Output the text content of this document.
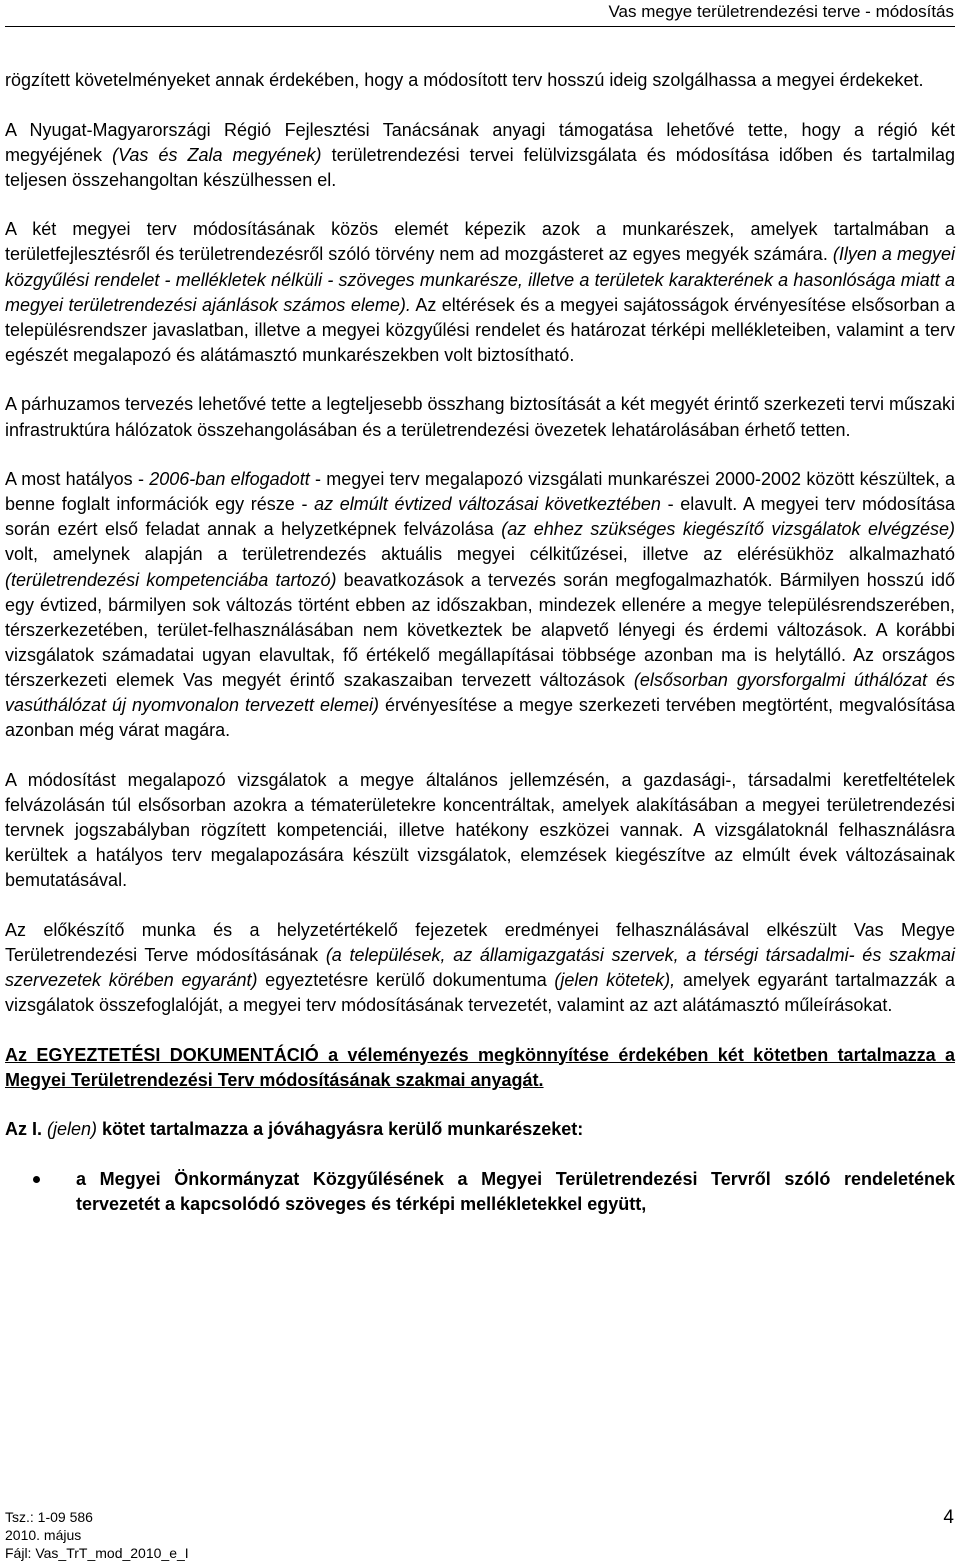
Vas megye területrendezési terve - módosítás

rögzített követelményeket annak érdekében, hogy a módosított terv hosszú ideig szolgálhassa a megyei érdekeket.

A Nyugat-Magyarországi Régió Fejlesztési Tanácsának anyagi támogatása lehetővé tette, hogy a régió két megyéjének (Vas és Zala megyének) területrendezési tervei felülvizsgálata és módosítása időben és tartalmilag teljesen összehangoltan készülhessen el.

A két megyei terv módosításának közös elemét képezik azok a munkarészek, amelyek tartalmában a területfejlesztésről és területrendezésről szóló törvény nem ad mozgásteret az egyes megyék számára. (Ilyen a megyei közgyűlési rendelet - mellékletek nélküli - szöveges munkarésze, illetve a területek karakterének a hasonlósága miatt a megyei területrendezési ajánlások számos eleme). Az eltérések és a megyei sajátosságok érvényesítése elsősorban a településrendszer javaslatban, illetve a megyei közgyűlési rendelet és határozat térképi mellékleteiben, valamint a terv egészét megalapozó és alátámasztó munkarészekben volt biztosítható.

A párhuzamos tervezés lehetővé tette a legteljesebb összhang biztosítását a két megyét érintő szerkezeti tervi műszaki infrastruktúra hálózatok összehangolásában és a területrendezési övezetek lehatárolásában érhető tetten.

A most hatályos - 2006-ban elfogadott - megyei terv megalapozó vizsgálati munkarészei 2000-2002 között készültek, a benne foglalt információk egy része - az elmúlt évtized változásai következtében - elavult. A megyei terv módosítása során ezért első feladat annak a helyzetképnek felvázolása (az ehhez szükséges kiegészítő vizsgálatok elvégzése) volt, amelynek alapján a területrendezés aktuális megyei célkitűzései, illetve az elérésükhöz alkalmazható (területrendezési kompetenciába tartozó) beavatkozások a tervezés során megfogalmazhatók. Bármilyen hosszú idő egy évtized, bármilyen sok változás történt ebben az időszakban, mindezek ellenére a megye településrendszerében, térszerkezetében, terület-felhasználásában nem következtek be alapvető lényegi és érdemi változások. A korábbi vizsgálatok számadatai ugyan elavultak, fő értékelő megállapításai többsége azonban ma is helytálló. Az országos térszerkezeti elemek Vas megyét érintő szakaszaiban tervezett változások (elsősorban gyorsforgalmi úthálózat és vasúthálózat új nyomvonalon tervezett elemei) érvényesítése a megye szerkezeti tervében megtörtént, megvalósítása azonban még várat magára.

A módosítást megalapozó vizsgálatok a megye általános jellemzésén, a gazdasági-, társadalmi keretfeltételek felvázolásán túl elsősorban azokra a tématerületekre koncentráltak, amelyek alakításában a megyei területrendezési tervnek jogszabályban rögzített kompetenciái, illetve hatékony eszközei vannak. A vizsgálatoknál felhasználásra kerültek a hatályos terv megalapozására készült vizsgálatok, elemzések kiegészítve az elmúlt évek változásainak bemutatásával.

Az előkészítő munka és a helyzetértékelő fejezetek eredményei felhasználásával elkészült Vas Megye Területrendezési Terve módosításának (a települések, az államigazgatási szervek, a térségi társadalmi- és szakmai szervezetek körében egyaránt) egyeztetésre kerülő dokumentuma (jelen kötetek), amelyek egyaránt tartalmazzák a vizsgálatok összefoglalóját, a megyei terv módosításának tervezetét, valamint az azt alátámasztó műleírásokat.

Az EGYEZTETÉSI DOKUMENTÁCIÓ a véleményezés megkönnyítése érdekében két kötetben tartalmazza a Megyei Területrendezési Terv módosításának szakmai anyagát.

Az I. (jelen) kötet tartalmazza a jóváhagyásra kerülő munkarészeket:

a Megyei Önkormányzat Közgyűlésének a Megyei Területrendezési Tervről szóló rendeletének tervezetét a kapcsolódó szöveges és térképi mellékletekkel együtt,
Tsz.: 1-09 586
2010. május
Fájl: Vas_TrT_mod_2010_e_I
4
